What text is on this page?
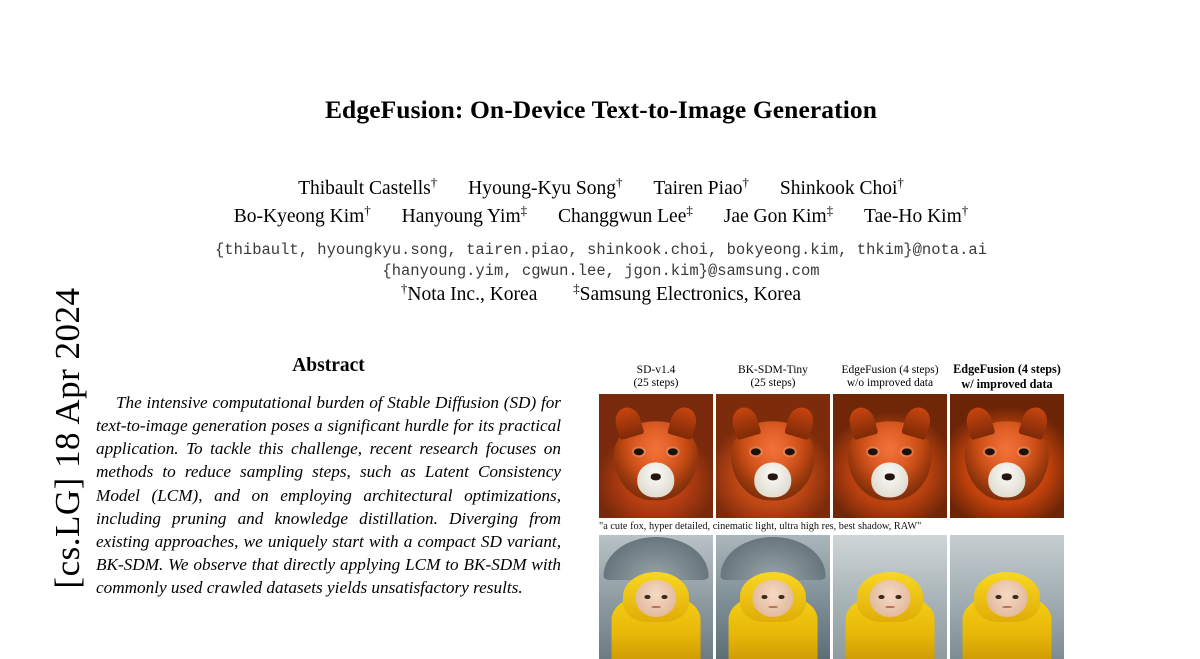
[cs.LG] 18 Apr 2024
EdgeFusion: On-Device Text-to-Image Generation
Thibault Castells† Hyoung-Kyu Song† Tairen Piao† Shinkook Choi†
Bo-Kyeong Kim† Hanyoung Yim‡ Changgwun Lee‡ Jae Gon Kim‡ Tae-Ho Kim†
{thibault, hyoungkyu.song, tairen.piao, shinkook.choi, bokyeong.kim, thkim}@nota.ai
{hanyoung.yim, cgwun.lee, jgon.kim}@samsung.com
†Nota Inc., Korea	‡Samsung Electronics, Korea
Abstract

The intensive computational burden of Stable Diffusion (SD) for text-to-image generation poses a significant hurdle for its practical application. To tackle this challenge, recent research focuses on methods to reduce sampling steps, such as Latent Consistency Model (LCM), and on employing architectural optimizations, including pruning and knowledge distillation. Diverging from existing approaches, we uniquely start with a compact SD variant, BK-SDM. We observe that directly applying LCM to BK-SDM with commonly used crawled datasets yields unsatisfactory results.

SD-v1.4
(25 steps)
BK-SDM-Tiny
(25 steps)
EdgeFusion (4 steps)
w/o improved data
EdgeFusion (4 steps)
w/ improved data
"a cute fox, hyper detailed, cinematic light, ultra high res, best shadow, RAW"
